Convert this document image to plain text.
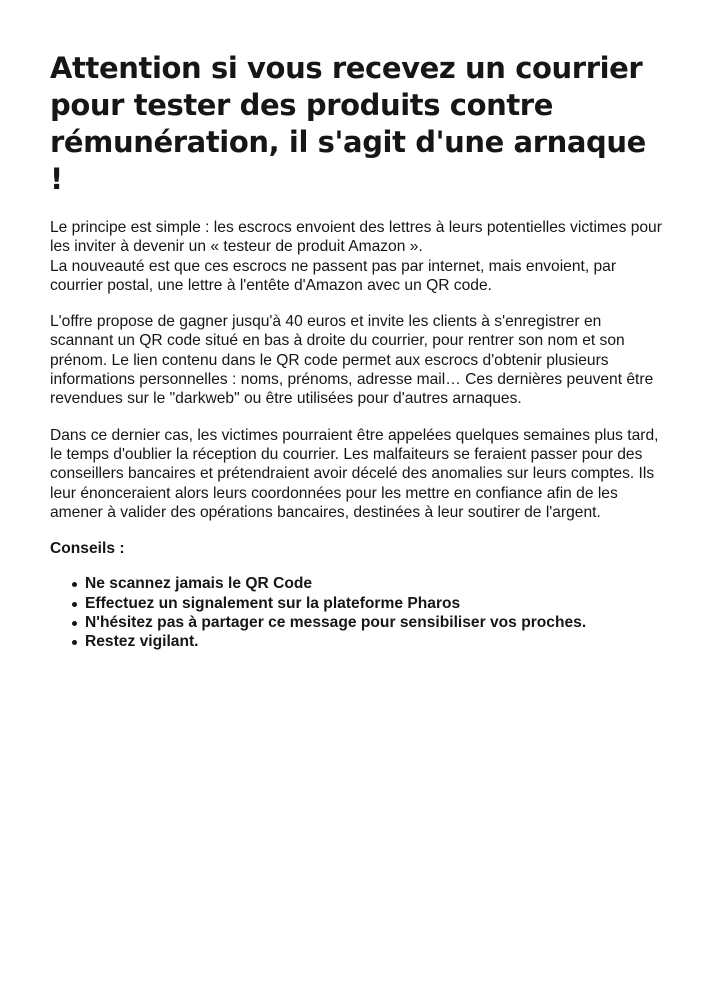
Attention si vous recevez un courrier pour tester des produits contre rémunération, il s'agit d'une arnaque !

Le principe est simple : les escrocs envoient des lettres à leurs potentielles victimes pour les inviter à devenir un « testeur de produit Amazon ».
La nouveauté est que ces escrocs ne passent pas par internet, mais envoient, par courrier postal, une lettre à l'entête d'Amazon avec un QR code.

L'offre propose de gagner jusqu'à 40 euros et invite les clients à s'enregistrer en scannant un QR code situé en bas à droite du courrier, pour rentrer son nom et son prénom. Le lien contenu dans le QR code permet aux escrocs d'obtenir plusieurs informations personnelles : noms, prénoms, adresse mail… Ces dernières peuvent être revendues sur le "darkweb" ou être utilisées pour d'autres arnaques.

Dans ce dernier cas, les victimes pourraient être appelées quelques semaines plus tard, le temps d'oublier la réception du courrier. Les malfaiteurs se feraient passer pour des conseillers bancaires et prétendraient avoir décelé des anomalies sur leurs comptes. Ils leur énonceraient alors leurs coordonnées pour les mettre en confiance afin de les amener à valider des opérations bancaires, destinées à leur soutirer de l'argent.

Conseils :

Ne scannez jamais le QR Code
Effectuez un signalement sur la plateforme Pharos
N'hésitez pas à partager ce message pour sensibiliser vos proches.
Restez vigilant.
